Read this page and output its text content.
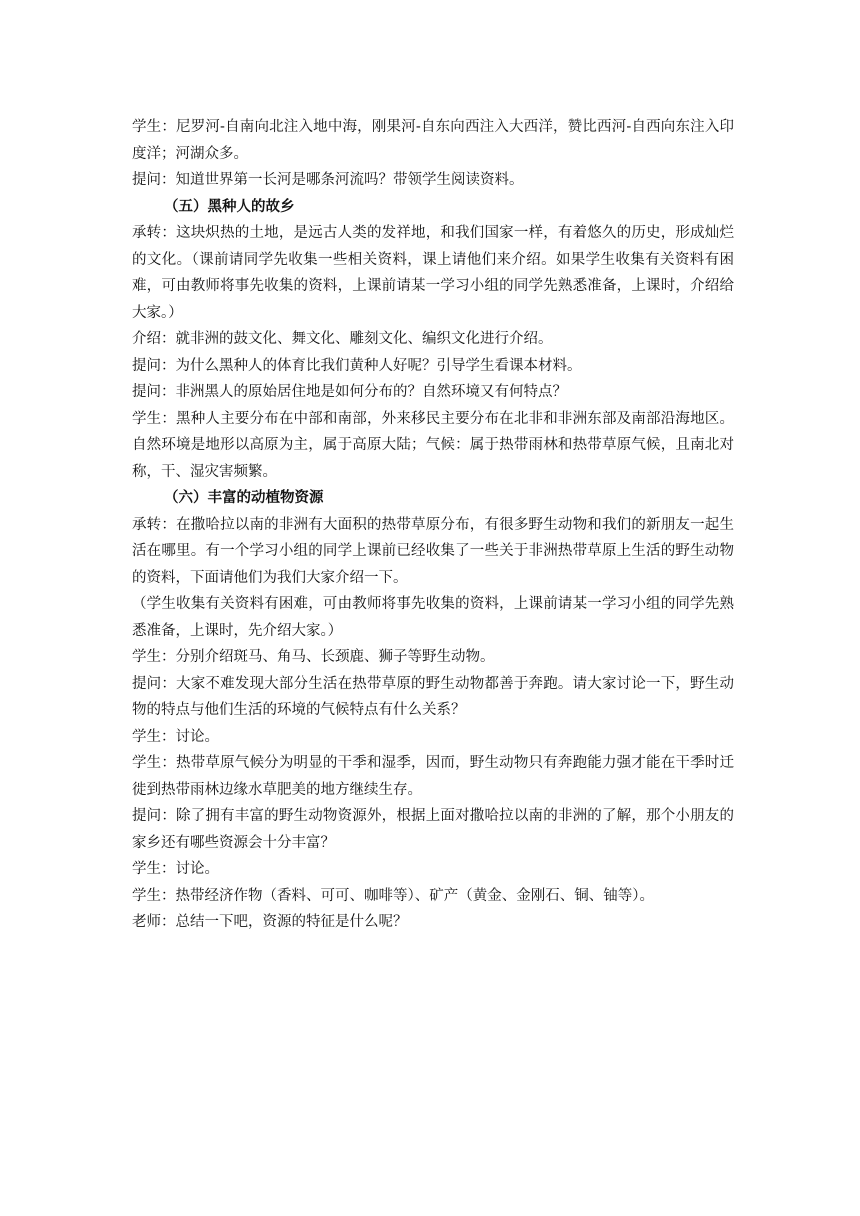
学生：尼罗河-自南向北注入地中海，刚果河-自东向西注入大西洋，赞比西河-自西向东注入印度洋；河湖众多。

提问：知道世界第一长河是哪条河流吗？带领学生阅读资料。

（五）黑种人的故乡

承转：这块炽热的土地，是远古人类的发祥地，和我们国家一样，有着悠久的历史，形成灿烂的文化。（课前请同学先收集一些相关资料，课上请他们来介绍。如果学生收集有关资料有困难，可由教师将事先收集的资料，上课前请某一学习小组的同学先熟悉准备，上课时，介绍给大家。）

介绍：就非洲的鼓文化、舞文化、雕刻文化、编织文化进行介绍。

提问：为什么黑种人的体育比我们黄种人好呢？引导学生看课本材料。

提问：非洲黑人的原始居住地是如何分布的？自然环境又有何特点？

学生：黑种人主要分布在中部和南部，外来移民主要分布在北非和非洲东部及南部沿海地区。自然环境是地形以高原为主，属于高原大陆；气候：属于热带雨林和热带草原气候，且南北对称，干、湿灾害频繁。

（六）丰富的动植物资源

承转：在撒哈拉以南的非洲有大面积的热带草原分布，有很多野生动物和我们的新朋友一起生活在哪里。有一个学习小组的同学上课前已经收集了一些关于非洲热带草原上生活的野生动物的资料，下面请他们为我们大家介绍一下。

（学生收集有关资料有困难，可由教师将事先收集的资料，上课前请某一学习小组的同学先熟悉准备，上课时，先介绍大家。）

学生：分别介绍斑马、角马、长颈鹿、狮子等野生动物。

提问：大家不难发现大部分生活在热带草原的野生动物都善于奔跑。请大家讨论一下，野生动物的特点与他们生活的环境的气候特点有什么关系？

学生：讨论。

学生：热带草原气候分为明显的干季和湿季，因而，野生动物只有奔跑能力强才能在干季时迁徙到热带雨林边缘水草肥美的地方继续生存。

提问：除了拥有丰富的野生动物资源外，根据上面对撒哈拉以南的非洲的了解，那个小朋友的家乡还有哪些资源会十分丰富？

学生：讨论。

学生：热带经济作物（香料、可可、咖啡等）、矿产（黄金、金刚石、铜、铀等）。

老师：总结一下吧，资源的特征是什么呢？
